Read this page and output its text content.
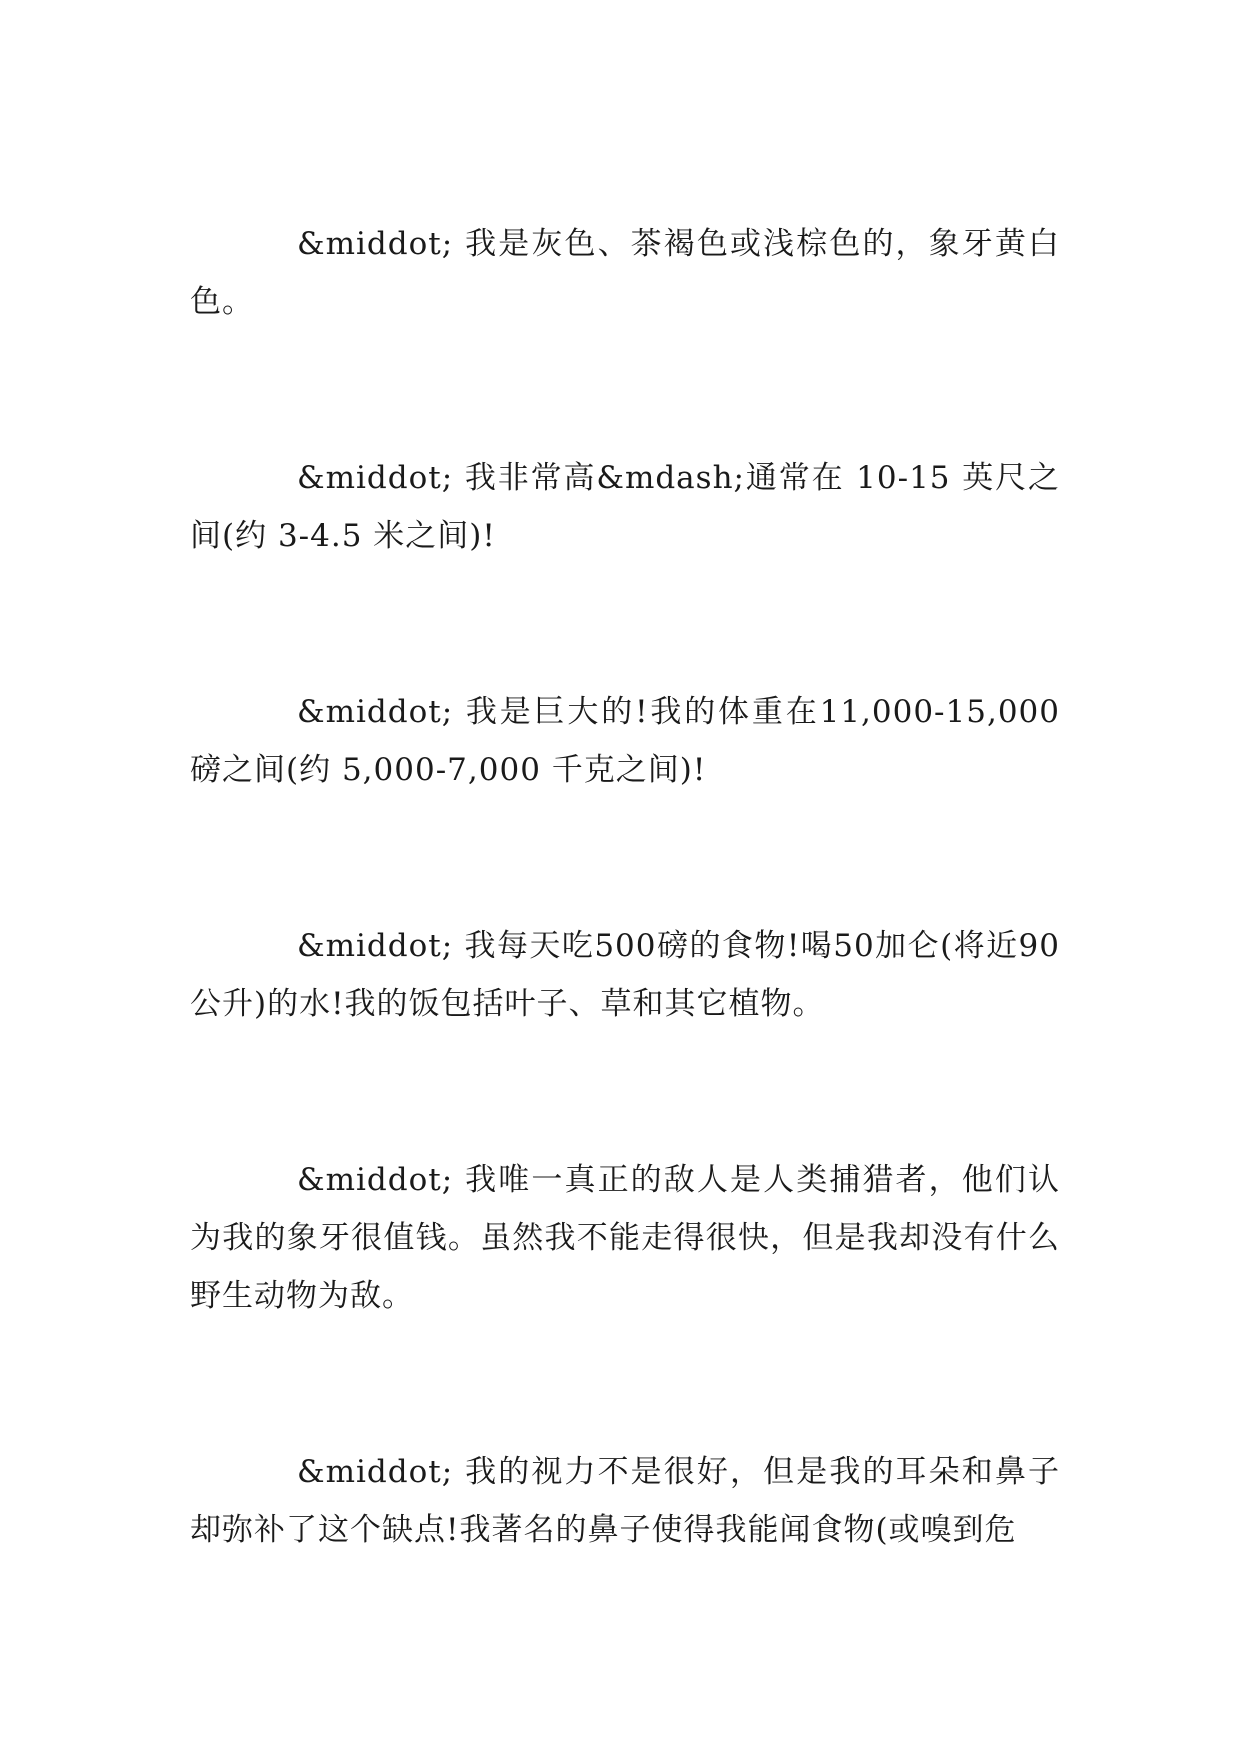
&middot; 我是灰色、茶褐色或浅棕色的，象牙黄白色。

&middot; 我非常高&mdash;通常在 10-15 英尺之间(约 3-4.5 米之间)!

&middot; 我是巨大的!我的体重在11,000-15,000磅之间(约 5,000-7,000 千克之间)!

&middot; 我每天吃500磅的食物!喝50加仑(将近90公升)的水!我的饭包括叶子、草和其它植物。

&middot; 我唯一真正的敌人是人类捕猎者，他们认为我的象牙很值钱。虽然我不能走得很快，但是我却没有什么野生动物为敌。

&middot; 我的视力不是很好，但是我的耳朵和鼻子却弥补了这个缺点!我著名的鼻子使得我能闻食物(或嗅到危
